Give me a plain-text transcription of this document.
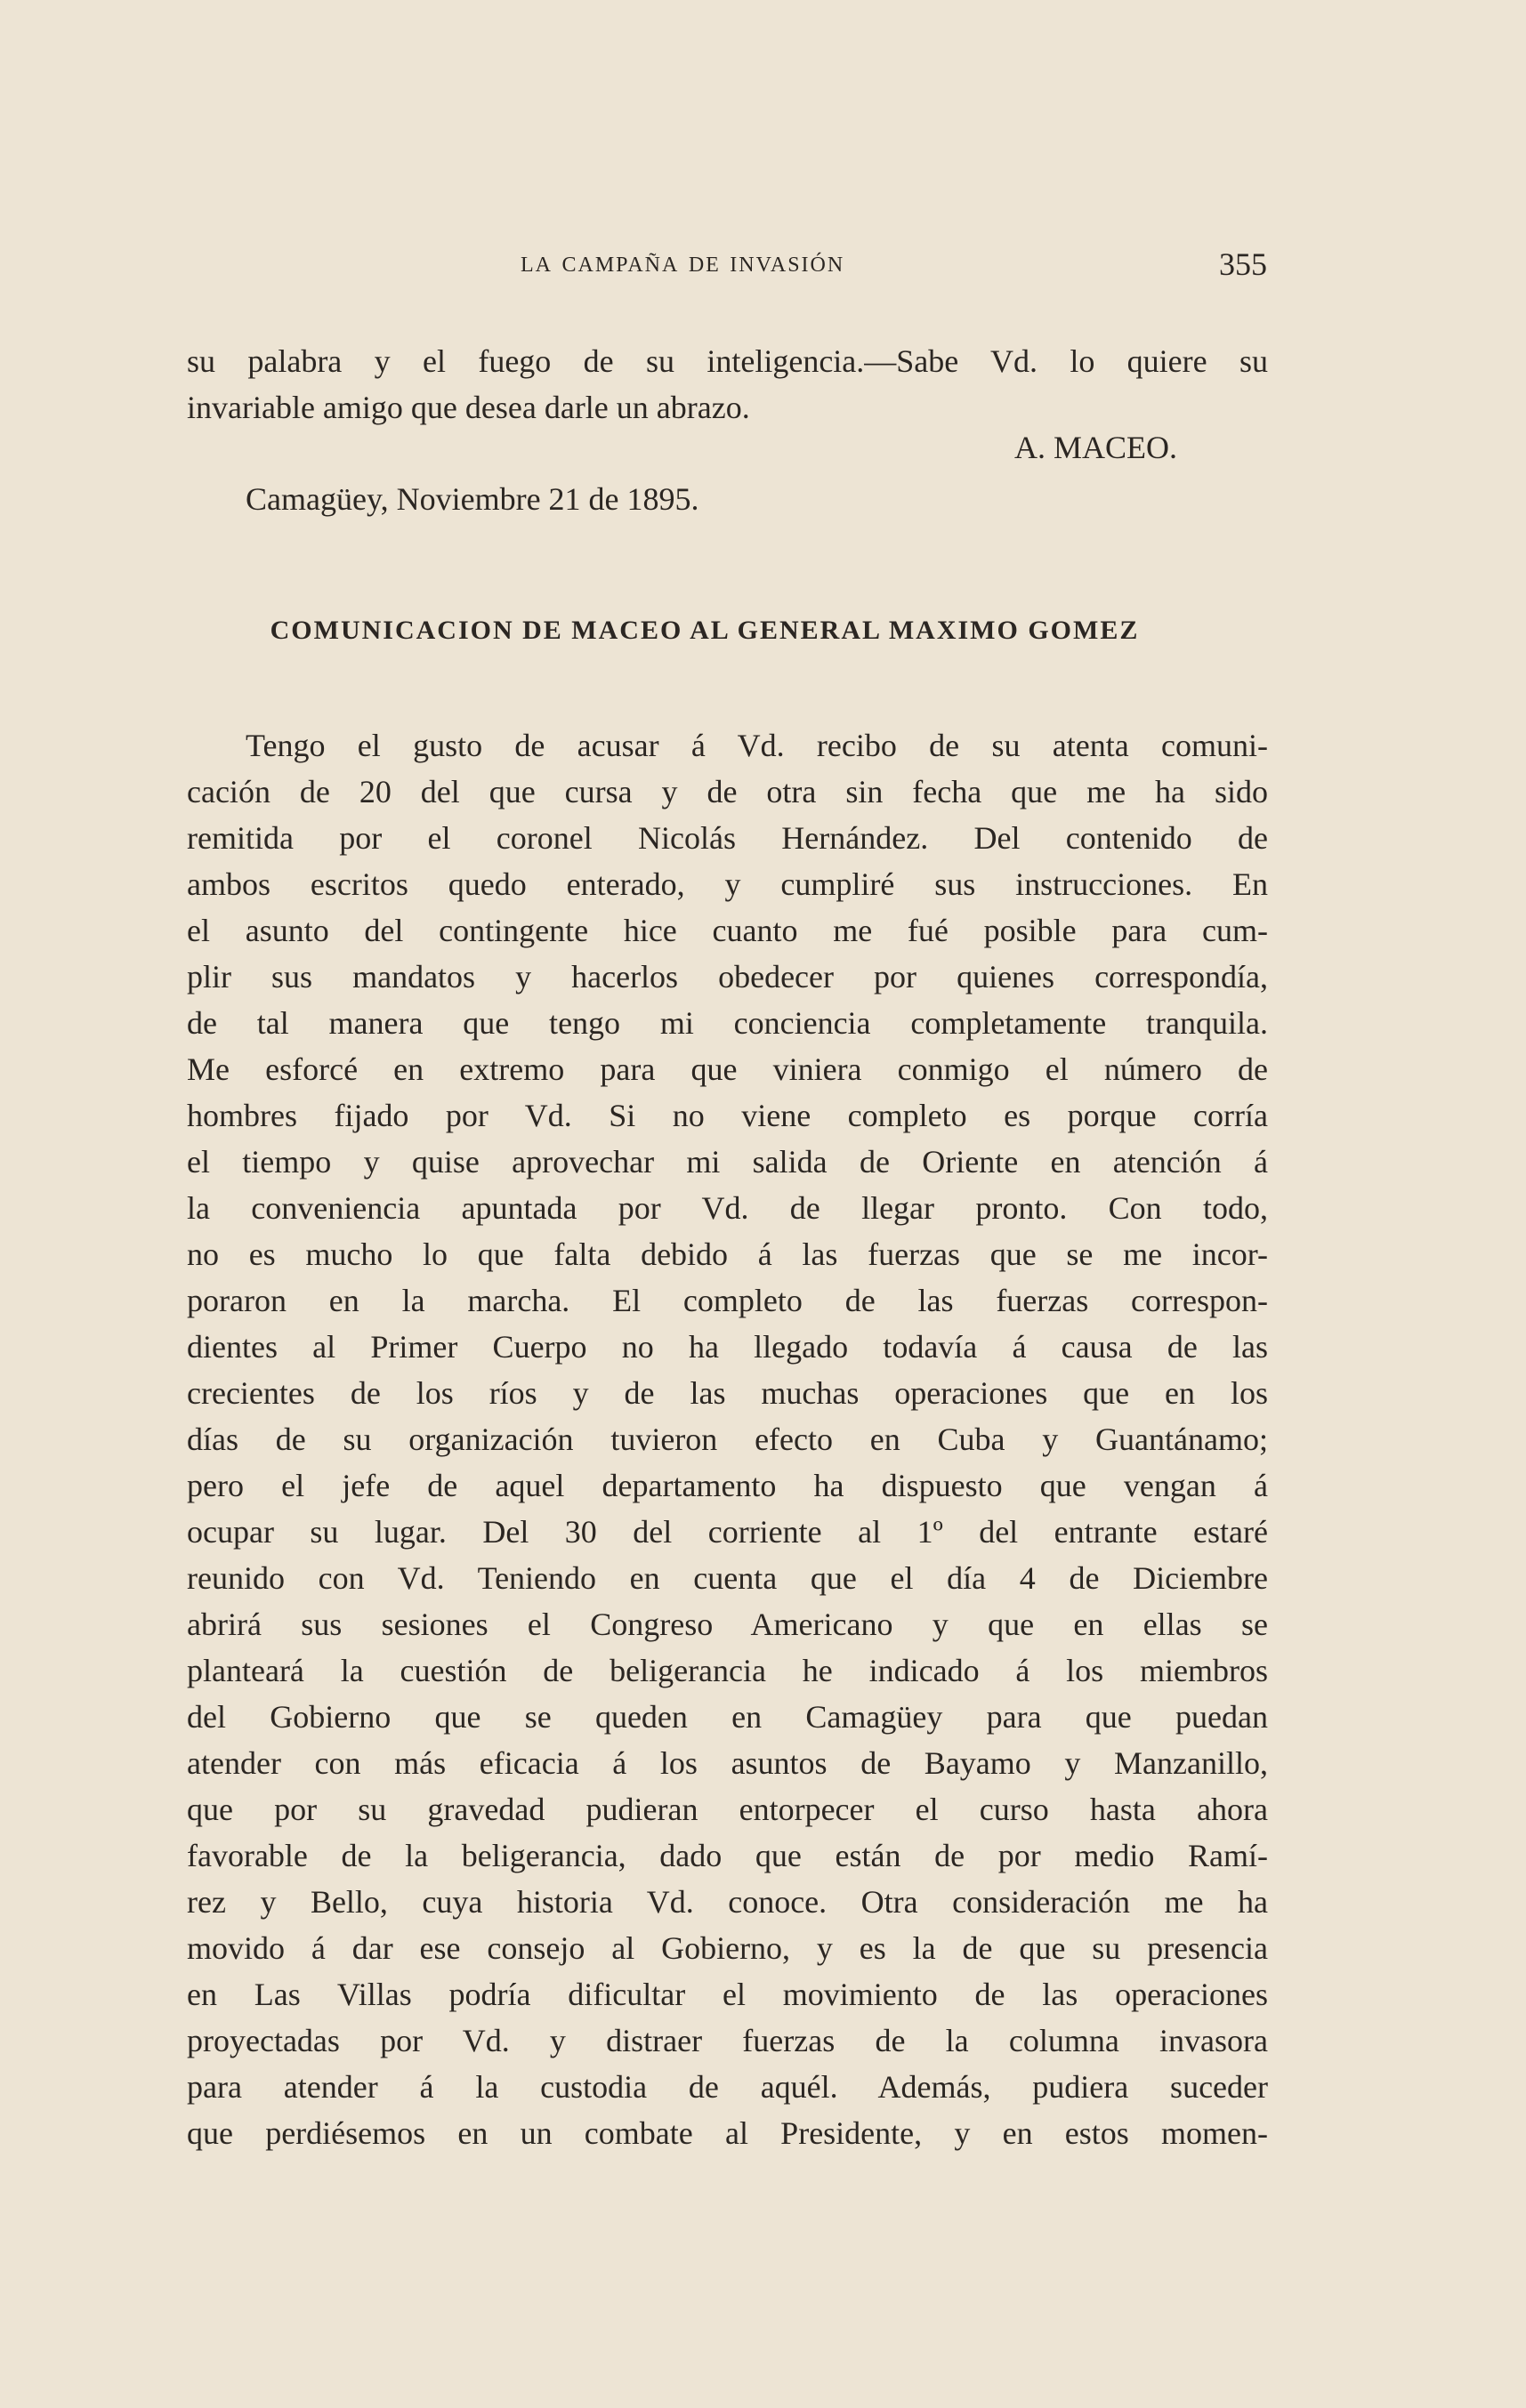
la campaña de invasión	355
su palabra y el fuego de su inteligencia.—Sabe Vd. lo quiere su
invariable amigo que desea darle un abrazo.
A. MACEO.
Camagüey, Noviembre 21 de 1895.
COMUNICACION DE MACEO AL GENERAL MAXIMO GOMEZ
Tengo el gusto de acusar á Vd. recibo de su atenta comuni-
cación de 20 del que cursa y de otra sin fecha que me ha sido
remitida por el coronel Nicolás Hernández. Del contenido de
ambos escritos quedo enterado, y cumpliré sus instrucciones. En
el asunto del contingente hice cuanto me fué posible para cum-
plir sus mandatos y hacerlos obedecer por quienes correspondía,
de tal manera que tengo mi conciencia completamente tranquila.
Me esforcé en extremo para que viniera conmigo el número de
hombres fijado por Vd. Si no viene completo es porque corría
el tiempo y quise aprovechar mi salida de Oriente en atención á
la conveniencia apuntada por Vd. de llegar pronto. Con todo,
no es mucho lo que falta debido á las fuerzas que se me incor-
poraron en la marcha. El completo de las fuerzas correspon-
dientes al Primer Cuerpo no ha llegado todavía á causa de las
crecientes de los ríos y de las muchas operaciones que en los
días de su organización tuvieron efecto en Cuba y Guantánamo;
pero el jefe de aquel departamento ha dispuesto que vengan á
ocupar su lugar. Del 30 del corriente al 1º del entrante estaré
reunido con Vd. Teniendo en cuenta que el día 4 de Diciembre
abrirá sus sesiones el Congreso Americano y que en ellas se
planteará la cuestión de beligerancia he indicado á los miembros
del Gobierno que se queden en Camagüey para que puedan
atender con más eficacia á los asuntos de Bayamo y Manzanillo,
que por su gravedad pudieran entorpecer el curso hasta ahora
favorable de la beligerancia, dado que están de por medio Ramí-
rez y Bello, cuya historia Vd. conoce. Otra consideración me ha
movido á dar ese consejo al Gobierno, y es la de que su presencia
en Las Villas podría dificultar el movimiento de las operaciones
proyectadas por Vd. y distraer fuerzas de la columna invasora
para atender á la custodia de aquél. Además, pudiera suceder
que perdiésemos en un combate al Presidente, y en estos momen-
